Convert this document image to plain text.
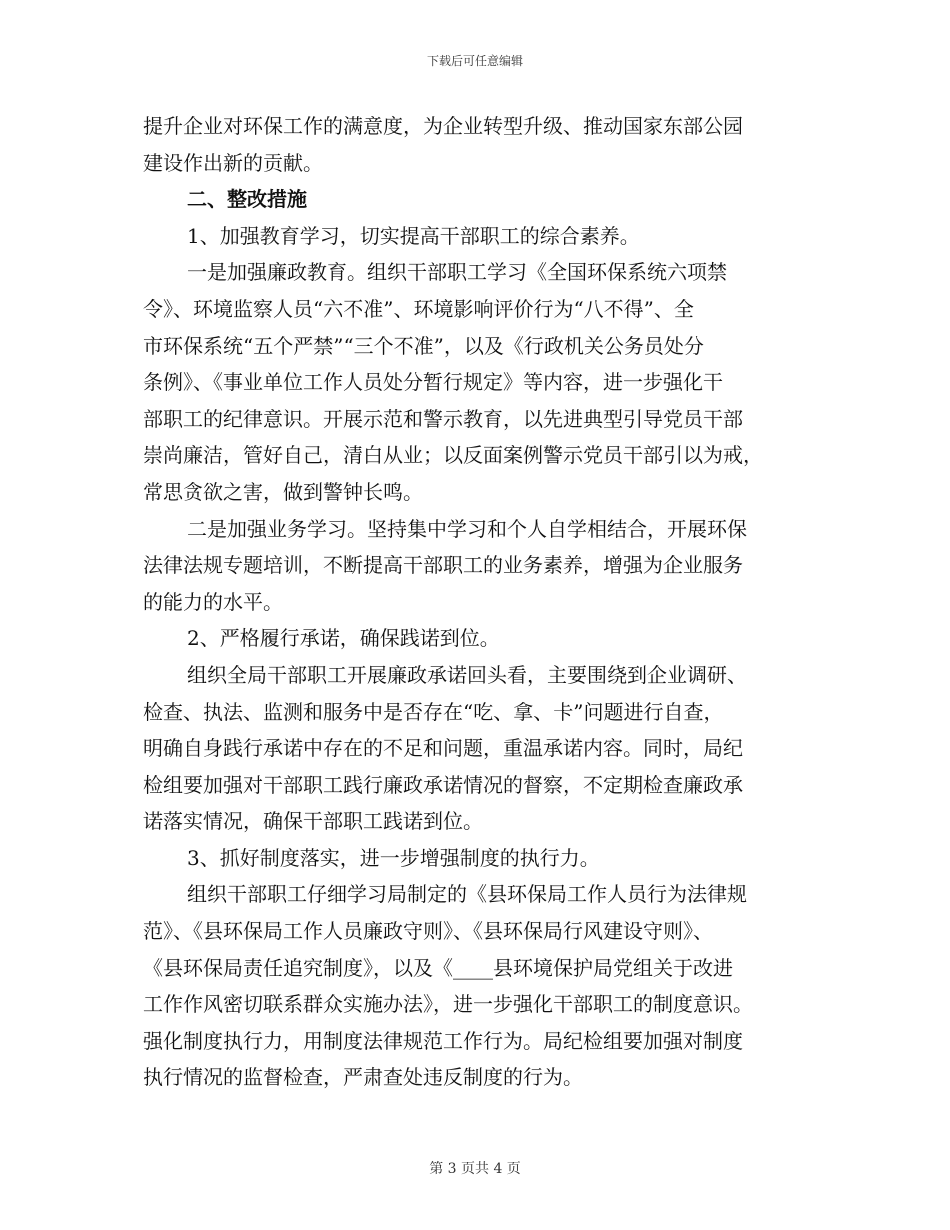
下载后可任意编辑
提升企业对环保工作的满意度，为企业转型升级、推动国家东部公园
建设作出新的贡献。
二、整改措施
1、加强教育学习，切实提高干部职工的综合素养。
一是加强廉政教育。组织干部职工学习《全国环保系统六项禁
令》、环境监察人员“六不准”、环境影响评价行为“八不得”、全
市环保系统“五个严禁”“三个不准”，以及《行政机关公务员处分
条例》、《事业单位工作人员处分暂行规定》等内容，进一步强化干
部职工的纪律意识。开展示范和警示教育，以先进典型引导党员干部
崇尚廉洁，管好自己，清白从业；以反面案例警示党员干部引以为戒，
常思贪欲之害，做到警钟长鸣。
二是加强业务学习。坚持集中学习和个人自学相结合，开展环保
法律法规专题培训，不断提高干部职工的业务素养，增强为企业服务
的能力的水平。
2、严格履行承诺，确保践诺到位。
组织全局干部职工开展廉政承诺回头看，主要围绕到企业调研、
检查、执法、监测和服务中是否存在“吃、拿、卡”问题进行自查，
明确自身践行承诺中存在的不足和问题，重温承诺内容。同时，局纪
检组要加强对干部职工践行廉政承诺情况的督察，不定期检查廉政承
诺落实情况，确保干部职工践诺到位。
3、抓好制度落实，进一步增强制度的执行力。
组织干部职工仔细学习局制定的《县环保局工作人员行为法律规
范》、《县环保局工作人员廉政守则》、《县环保局行风建设守则》、
《县环保局责任追究制度》，以及《____县环境保护局党组关于改进
工作作风密切联系群众实施办法》，进一步强化干部职工的制度意识。
强化制度执行力，用制度法律规范工作行为。局纪检组要加强对制度
执行情况的监督检查，严肃查处违反制度的行为。
第 3 页共 4 页
